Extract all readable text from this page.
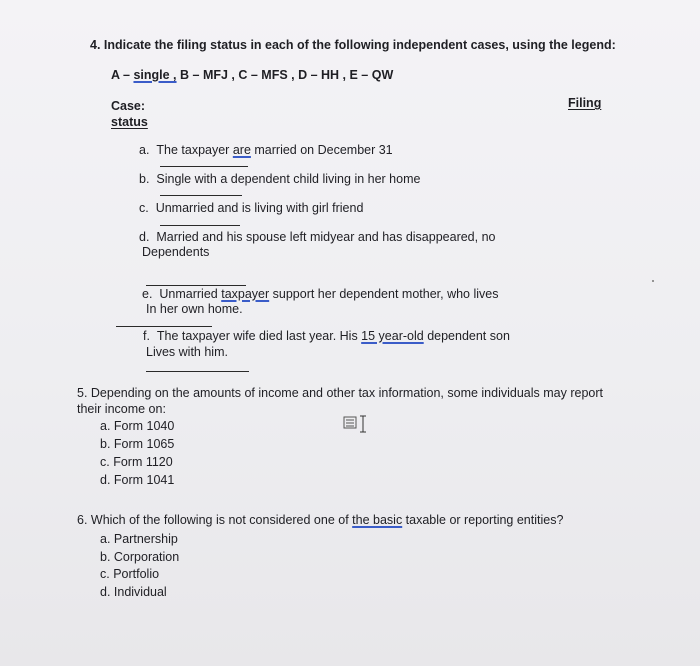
4. Indicate the filing status in each of the following independent cases, using the legend:
A – single , B – MFJ , C – MFS , D – HH , E – QW
Case:
status
Filing
a. The taxpayer are married on December 31
b. Single with a dependent child living in her home
c. Unmarried and is living with girl friend
d. Married and his spouse left midyear and has disappeared, no
Dependents
e. Unmarried taxpayer support her dependent mother, who lives
In her own home.
f. The taxpayer wife died last year. His 15 year-old dependent son
Lives with him.
5. Depending on the amounts of income and other tax information, some individuals may report
their income on:
a. Form 1040
b. Form 1065
c. Form 1120
d. Form 1041
6. Which of the following is not considered one of the basic taxable or reporting entities?
a. Partnership
b. Corporation
c. Portfolio
d. Individual
